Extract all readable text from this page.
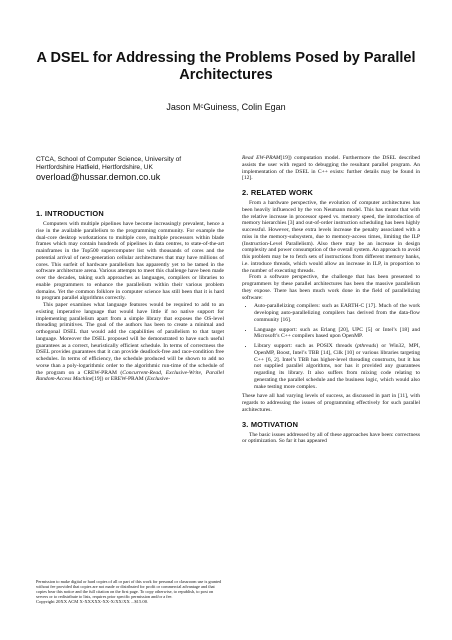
A DSEL for Addressing the Problems Posed by Parallel Architectures
Jason MᶜGuiness, Colin Egan
CTCA, School of Computer Science, University of
Hertfordshire Hatfield, Hertfordshire, UK
overload@hussar.demon.co.uk
1. INTRODUCTION

Computers with multiple pipelines have become increasingly prevalent, hence a rise in the available parallelism to the programming community. For example the dual-core desktop workstations to multiple core, multiple processors within blade frames which may contain hundreds of pipelines in data centres, to state-of-the-art mainframes in the Top500 supercomputer list with thousands of cores and the potential arrival of next-generation cellular architectures that may have millions of cores. This surfeit of hardware parallelism has apparently yet to be tamed in the software architecture arena. Various attempts to meet this challenge have been made over the decades, taking such approaches as languages, compilers or libraries to enable programmers to enhance the parallelism within their various problem domains. Yet the common folklore in computer science has still been that it is hard to program parallel algorithms correctly.

This paper examines what language features would be required to add to an existing imperative language that would have little if no native support for implementing parallelism apart from a simple library that exposes the OS-level threading primitives. The goal of the authors has been to create a minimal and orthogonal DSEL that would add the capabilities of parallelism to that target language. Moreover the DSEL proposed will be demonstrated to have such useful guarantees as a correct, heuristically efficient schedule. In terms of correctness the DSEL provides guarantees that it can provide deadlock-free and race-condition free schedules. In terms of efficiency, the schedule produced will be shown to add no worse than a poly-logarithmic order to the algorithmic run-time of the schedule of the program on a CREW-PRAM (Concurrent-Read, Exclusive-Write, Parallel Random-Access Machine[19]) or EREW-PRAM (Exclusive-

Permission to make digital or hard copies of all or part of this work for personal or classroom use is granted without fee provided that copies are not made or distributed for profit or commercial advantage and that copies bear this notice and the full citation on the first page. To copy otherwise, to republish, to post on servers or to redistribute to lists, requires prior specific permission and/or a fee.
Copyright 20XX ACM X-XXXXX-XX-X/XX/XX ...$15.00.

Read EW-PRAM[19]) computation model. Furthermore the DSEL described assists the user with regard to debugging the resultant parallel program. An implementation of the DSEL in C++ exists: further details may be found in [12].

2. RELATED WORK

From a hardware perspective, the evolution of computer architectures has been heavily influenced by the von Neumann model. This has meant that with the relative increase in processor speed vs. memory speed, the introduction of memory hierarchies [3] and out-of-order instruction scheduling has been highly successful. However, these extra levels increase the penalty associated with a miss in the memory-subsystem, due to memory-access times, limiting the ILP (Instruction-Level Parallelism). Also there may be an increase in design complexity and power consumption of the overall system. An approach to avoid this problem may be to fetch sets of instructions from different memory banks, i.e. introduce threads, which would allow an increase in ILP, in proportion to the number of executing threads.

From a software perspective, the challenge that has been presented to programmers by these parallel architectures has been the massive parallelism they expose. There has been much work done in the field of parallelizing software:

• Auto-parallelizing compilers: such as EARTH-C [17]. Much of the work developing auto-parallelizing compilers has derived from the data-flow community [16].
• Language support: such as Erlang [20], UPC [5] or Intel’s [18] and Microsoft’s C++ compilers based upon OpenMP.
• Library support: such as POSIX threads (pthreads) or Win32, MPI, OpenMP, Boost, Intel’s TBB [14], Cilk [10] or various libraries targeting C++ [6, 2]. Intel’s TBB has higher-level threading constructs, but it has not supplied parallel algorithms, nor has it provided any guarantees regarding its library. It also suffers from mixing code relating to generating the parallel schedule and the business logic, which would also make testing more complex.

These have all had varying levels of success, as discussed in part in [11], with regards to addressing the issues of programming effectively for such parallel architectures.

3. MOTIVATION

The basic issues addressed by all of these approaches have been: correctness or optimization. So far it has appeared
